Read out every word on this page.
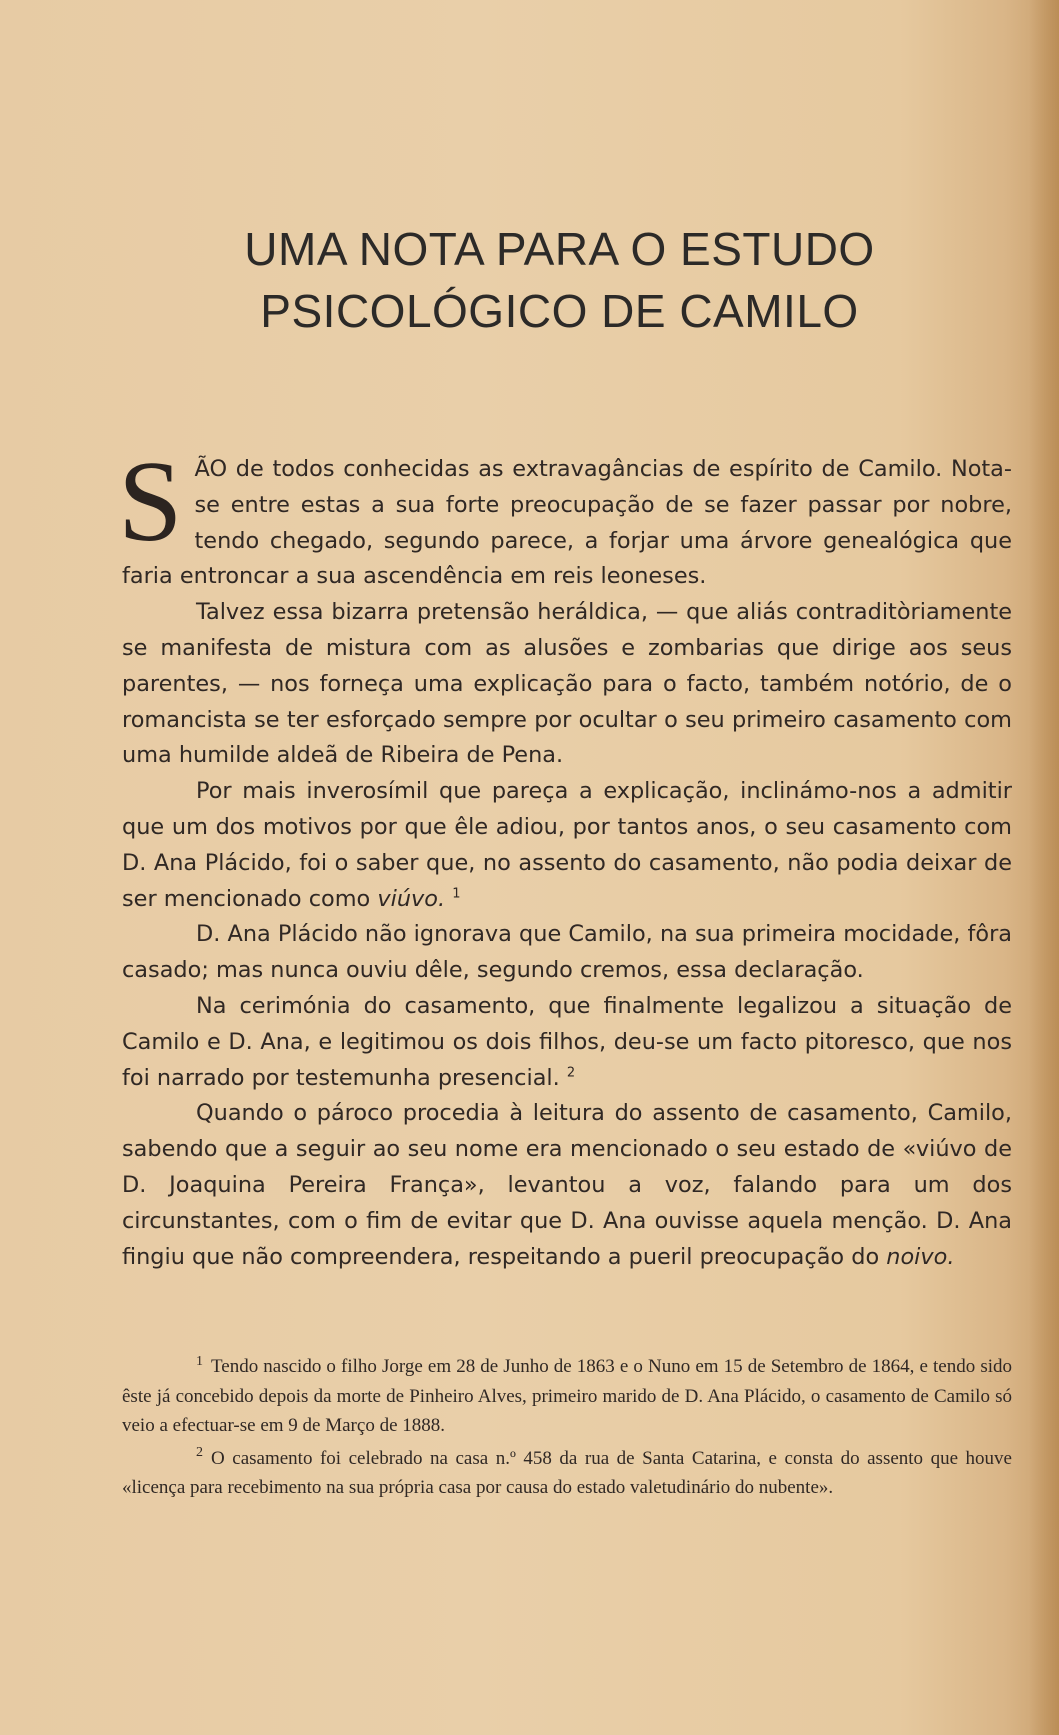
UMA NOTA PARA O ESTUDO
PSICOLÓGICO DE CAMILO

SÃO de todos conhecidas as extravagâncias de espírito de Camilo. Nota-se entre estas a sua forte preocupação de se fazer passar por nobre, tendo chegado, segundo parece, a forjar uma árvore genealógica que faria entroncar a sua ascendência em reis leoneses.

Talvez essa bizarra pretensão heráldica, — que aliás contraditòriamente se manifesta de mistura com as alusões e zombarias que dirige aos seus parentes, — nos forneça uma explicação para o facto, também notório, de o romancista se ter esforçado sempre por ocultar o seu primeiro casamento com uma humilde aldeã de Ribeira de Pena.

Por mais inverosímil que pareça a explicação, inclinámo-nos a admitir que um dos motivos por que êle adiou, por tantos anos, o seu casamento com D. Ana Plácido, foi o saber que, no assento do casamento, não podia deixar de ser mencionado como viúvo. $^1$

D. Ana Plácido não ignorava que Camilo, na sua primeira mocidade, fôra casado; mas nunca ouviu dêle, segundo cremos, essa declaração.

Na cerimónia do casamento, que finalmente legalizou a situação de Camilo e D. Ana, e legitimou os dois filhos, deu-se um facto pitoresco, que nos foi narrado por testemunha presencial. $^2$

Quando o pároco procedia à leitura do assento de casamento, Camilo, sabendo que a seguir ao seu nome era mencionado o seu estado de «viúvo de D. Joaquina Pereira França», levantou a voz, falando para um dos circunstantes, com o fim de evitar que D. Ana ouvisse aquela menção. D. Ana fingiu que não compreendera, respeitando a pueril preocupação do noivo.

$^1$ Tendo nascido o filho Jorge em 28 de Junho de 1863 e o Nuno em 15 de Setembro de 1864, e tendo sido êste já concebido depois da morte de Pinheiro Alves, primeiro marido de D. Ana Plácido, o casamento de Camilo só veio a efectuar-se em 9 de Março de 1888.

$^2$ O casamento foi celebrado na casa n.º 458 da rua de Santa Catarina, e consta do assento que houve «licença para recebimento na sua própria casa por causa do estado valetudinário do nubente».
